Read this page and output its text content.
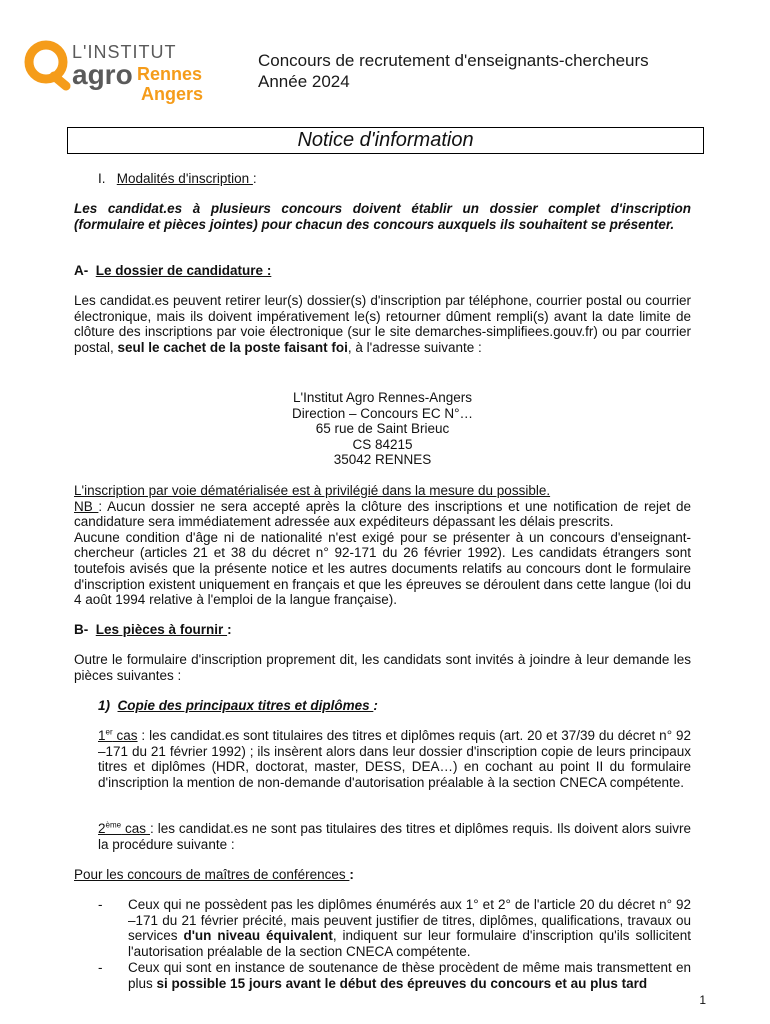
L'INSTITUT
agro Rennes
Angers
Concours de recrutement d'enseignants-chercheurs
Année 2024
Notice d'information
I. Modalités d'inscription :
Les candidat.es à plusieurs concours doivent établir un dossier complet d'inscription (formulaire et pièces jointes) pour chacun des concours auxquels ils souhaitent se présenter.
A- Le dossier de candidature :
Les candidat.es peuvent retirer leur(s) dossier(s) d'inscription par téléphone, courrier postal ou courrier électronique, mais ils doivent impérativement le(s) retourner dûment rempli(s) avant la date limite de clôture des inscriptions par voie électronique (sur le site demarches-simplifiees.gouv.fr) ou par courrier postal, seul le cachet de la poste faisant foi, à l'adresse suivante :
L'Institut Agro Rennes-Angers
Direction – Concours EC N°…
65 rue de Saint Brieuc
CS 84215
35042 RENNES
L'inscription par voie dématérialisée est à privilégié dans la mesure du possible.
NB : Aucun dossier ne sera accepté après la clôture des inscriptions et une notification de rejet de candidature sera immédiatement adressée aux expéditeurs dépassant les délais prescrits.
Aucune condition d'âge ni de nationalité n'est exigé pour se présenter à un concours d'enseignant-chercheur (articles 21 et 38 du décret n° 92-171 du 26 février 1992). Les candidats étrangers sont toutefois avisés que la présente notice et les autres documents relatifs au concours dont le formulaire d'inscription existent uniquement en français et que les épreuves se déroulent dans cette langue (loi du 4 août 1994 relative à l'emploi de la langue française).
B- Les pièces à fournir :
Outre le formulaire d'inscription proprement dit, les candidats sont invités à joindre à leur demande les pièces suivantes :
1) Copie des principaux titres et diplômes :
1er cas : les candidat.es sont titulaires des titres et diplômes requis (art. 20 et 37/39 du décret n° 92 –171 du 21 février 1992) ; ils insèrent alors dans leur dossier d'inscription copie de leurs principaux titres et diplômes (HDR, doctorat, master, DESS, DEA…) en cochant au point II du formulaire d'inscription la mention de non-demande d'autorisation préalable à la section CNECA compétente.
2ème cas : les candidat.es ne sont pas titulaires des titres et diplômes requis. Ils doivent alors suivre la procédure suivante :
Pour les concours de maîtres de conférences :
-	Ceux qui ne possèdent pas les diplômes énumérés aux 1° et 2° de l'article 20 du décret n° 92 –171 du 21 février précité, mais peuvent justifier de titres, diplômes, qualifications, travaux ou services d'un niveau équivalent, indiquent sur leur formulaire d'inscription qu'ils sollicitent l'autorisation préalable de la section CNECA compétente.
-	Ceux qui sont en instance de soutenance de thèse procèdent de même mais transmettent en plus si possible 15 jours avant le début des épreuves du concours et au plus tard
1
